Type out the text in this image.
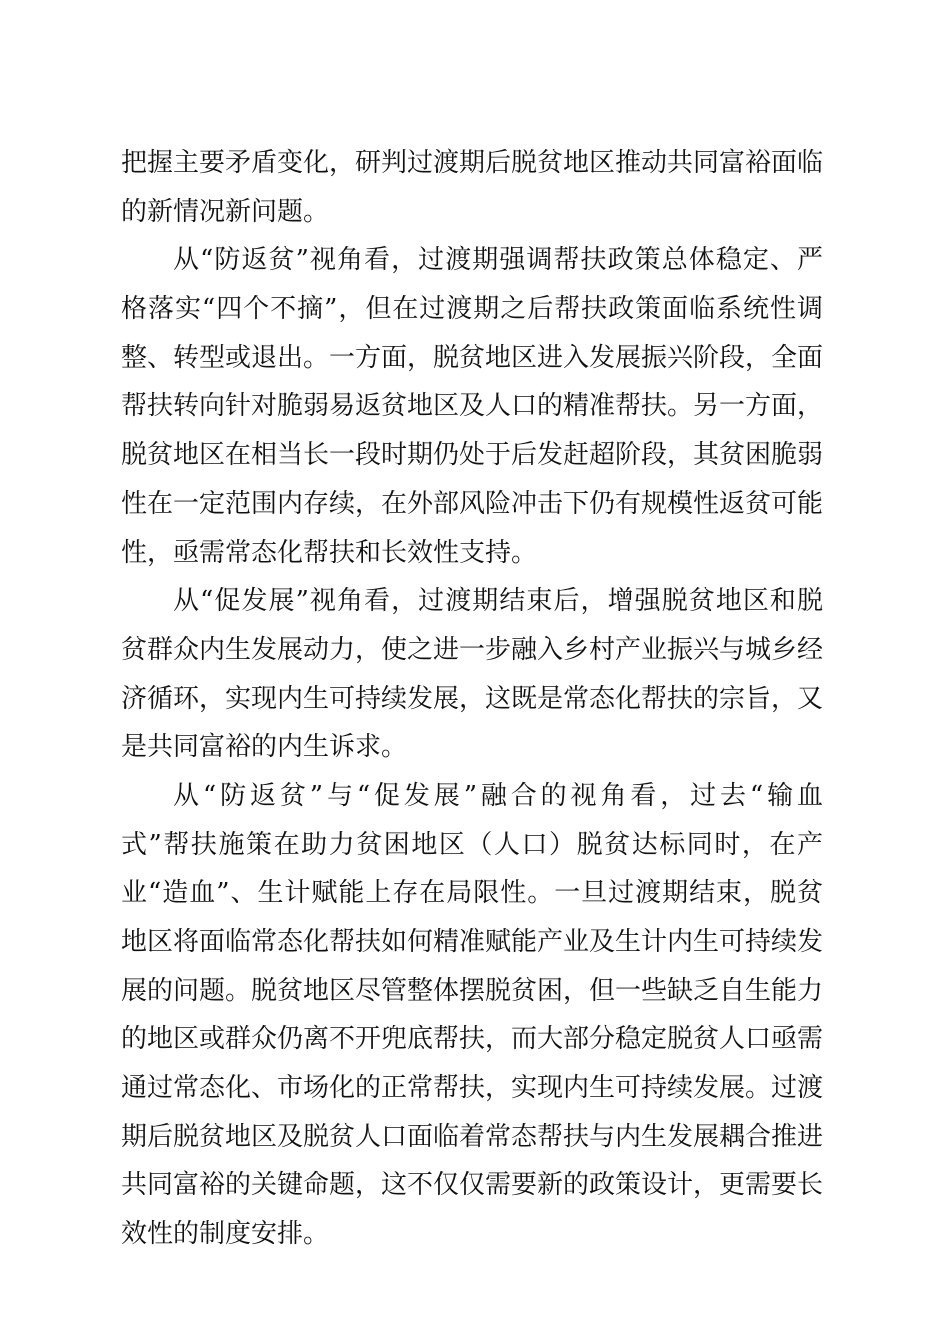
把握主要矛盾变化，研判过渡期后脱贫地区推动共同富裕面临
的新情况新问题。
从“防返贫”视角看，过渡期强调帮扶政策总体稳定、严
格落实“四个不摘”，但在过渡期之后帮扶政策面临系统性调
整、转型或退出。一方面，脱贫地区进入发展振兴阶段，全面
帮扶转向针对脆弱易返贫地区及人口的精准帮扶。另一方面，
脱贫地区在相当长一段时期仍处于后发赶超阶段，其贫困脆弱
性在一定范围内存续，在外部风险冲击下仍有规模性返贫可能
性，亟需常态化帮扶和长效性支持。
从“促发展”视角看，过渡期结束后，增强脱贫地区和脱
贫群众内生发展动力，使之进一步融入乡村产业振兴与城乡经
济循环，实现内生可持续发展，这既是常态化帮扶的宗旨，又
是共同富裕的内生诉求。
从“防返贫”与“促发展”融合的视角看，过去“输血
式”帮扶施策在助力贫困地区（人口）脱贫达标同时，在产
业“造血”、生计赋能上存在局限性。一旦过渡期结束，脱贫
地区将面临常态化帮扶如何精准赋能产业及生计内生可持续发
展的问题。脱贫地区尽管整体摆脱贫困，但一些缺乏自生能力
的地区或群众仍离不开兜底帮扶，而大部分稳定脱贫人口亟需
通过常态化、市场化的正常帮扶，实现内生可持续发展。过渡
期后脱贫地区及脱贫人口面临着常态帮扶与内生发展耦合推进
共同富裕的关键命题，这不仅仅需要新的政策设计，更需要长
效性的制度安排。
